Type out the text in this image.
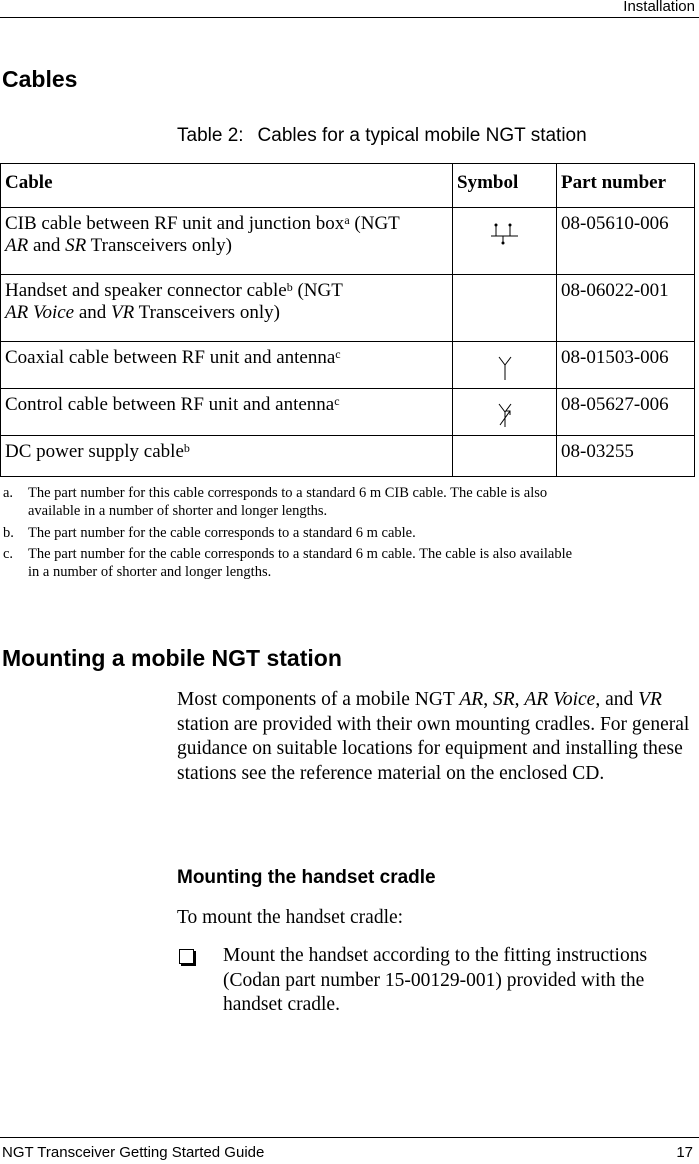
Installation
Cables
Table 2: Cables for a typical mobile NGT station
Cable	Symbol	Part number
CIB cable between RF unit and junction box$^a$ (NGT
AR and SR Transceivers only)		08-05610-006
Handset and speaker connector cable$^b$ (NGT
AR Voice and VR Transceivers only)		08-06022-001
Coaxial cable between RF unit and antenna$^c$		08-01503-006
Control cable between RF unit and antenna$^c$		08-05627-006
DC power supply cable$^b$		08-03255
a. The part number for this cable corresponds to a standard 6 m CIB cable. The cable is also
available in a number of shorter and longer lengths.
b. The part number for the cable corresponds to a standard 6 m cable.
c. The part number for the cable corresponds to a standard 6 m cable. The cable is also available
in a number of shorter and longer lengths.
Mounting a mobile NGT station
Most components of a mobile NGT AR, SR, AR Voice, and VR station are provided with their own mounting cradles. For general guidance on suitable locations for equipment and installing these stations see the reference material on the enclosed CD.
Mounting the handset cradle
To mount the handset cradle:
Mount the handset according to the fitting instructions (Codan part number 15-00129-001) provided with the handset cradle.
NGT Transceiver Getting Started Guide	17
